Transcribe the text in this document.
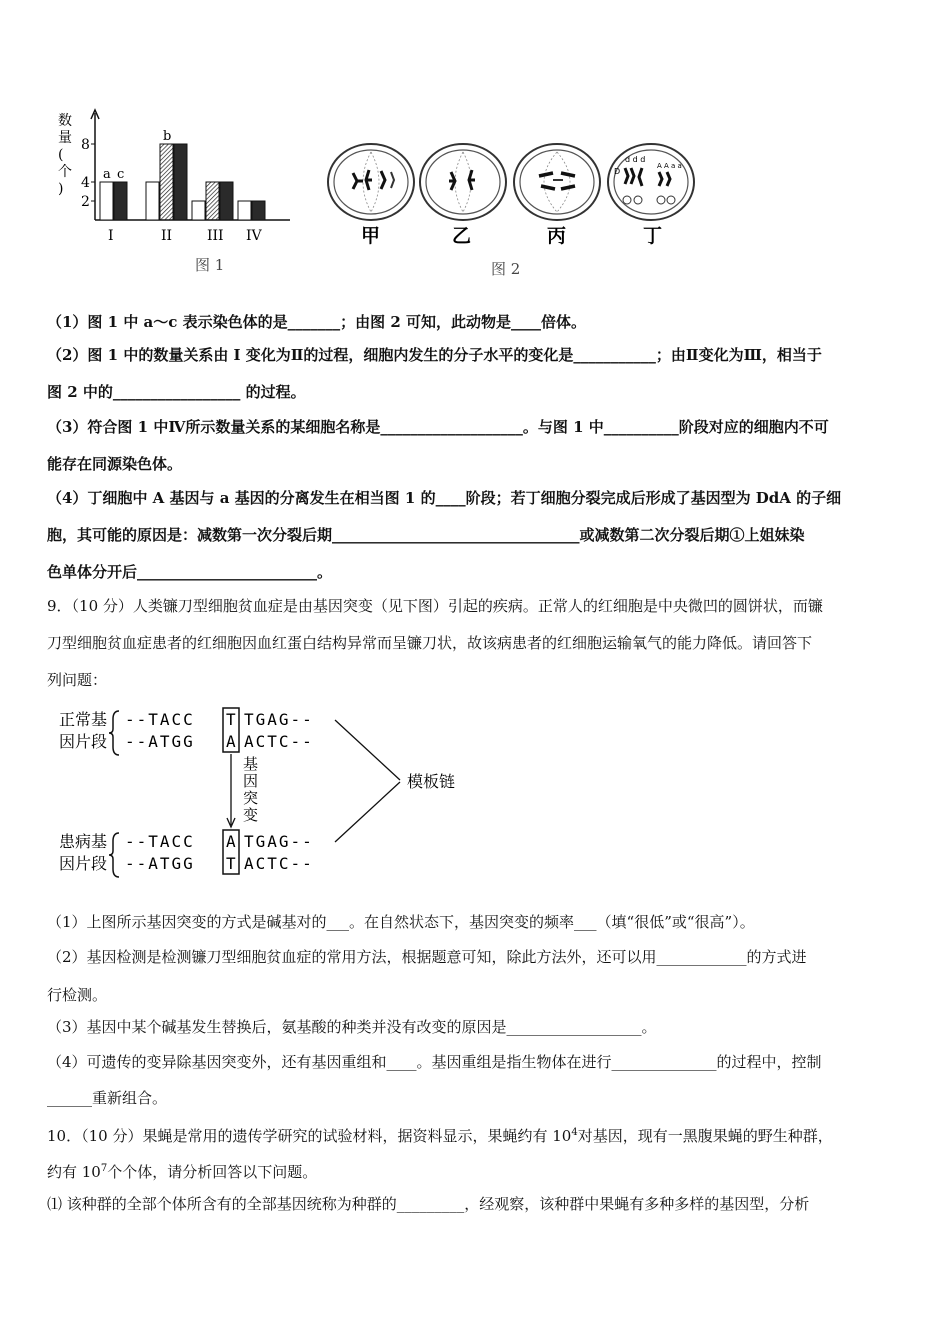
数量(个)
2
4
8
a c
I
b
II III IV
图 1
d d d
A A a a
D
甲	乙	丙	丁
图 2
（1）图 1 中 a～c 表示染色体的是_______；由图 2 可知，此动物是____倍体。
（2）图 1 中的数量关系由 I 变化为Ⅱ的过程，细胞内发生的分子水平的变化是___________；由Ⅱ变化为Ⅲ，相当于
图 2 中的_________________ 的过程。
（3）符合图 1 中Ⅳ所示数量关系的某细胞名称是___________________。与图 1 中__________阶段对应的细胞内不可
能存在同源染色体。
（4）丁细胞中 A 基因与 a 基因的分离发生在相当图 1 的____阶段；若丁细胞分裂完成后形成了基因型为 DdA 的子细
胞，其可能的原因是：减数第一次分裂后期_________________________________或减数第二次分裂后期①上姐妹染
色单体分开后________________________。
9．（10 分）人类镰刀型细胞贫血症是由基因突变（见下图）引起的疾病。正常人的红细胞是中央微凹的圆饼状，而镰
刀型细胞贫血症患者的红细胞因血红蛋白结构异常而呈镰刀状，故该病患者的红细胞运输氧气的能力降低。请回答下
列问题：
正常基
因片段
患病基
因片段
--TACC T TGAG--
--ATGG A ACTC--
--TACC A TGAG--
--ATGG T ACTC--
基因突变
模板链
（1）上图所示基因突变的方式是碱基对的___。在自然状态下，基因突变的频率___（填“很低”或“很高”）。
（2）基因检测是检测镰刀型细胞贫血症的常用方法，根据题意可知，除此方法外，还可以用____________的方式进
行检测。
（3）基因中某个碱基发生替换后，氨基酸的种类并没有改变的原因是__________________。
（4）可遗传的变异除基因突变外，还有基因重组和____。基因重组是指生物体在进行______________的过程中，控制
______重新组合。
10．（10 分）果蝇是常用的遗传学研究的试验材料，据资料显示，果蝇约有 $10^4$对基因，现有一黑腹果蝇的野生种群，
约有 $10^7$个个体，请分析回答以下问题。
⑴ 该种群的全部个体所含有的全部基因统称为种群的_________，经观察，该种群中果蝇有多种多样的基因型，分析
